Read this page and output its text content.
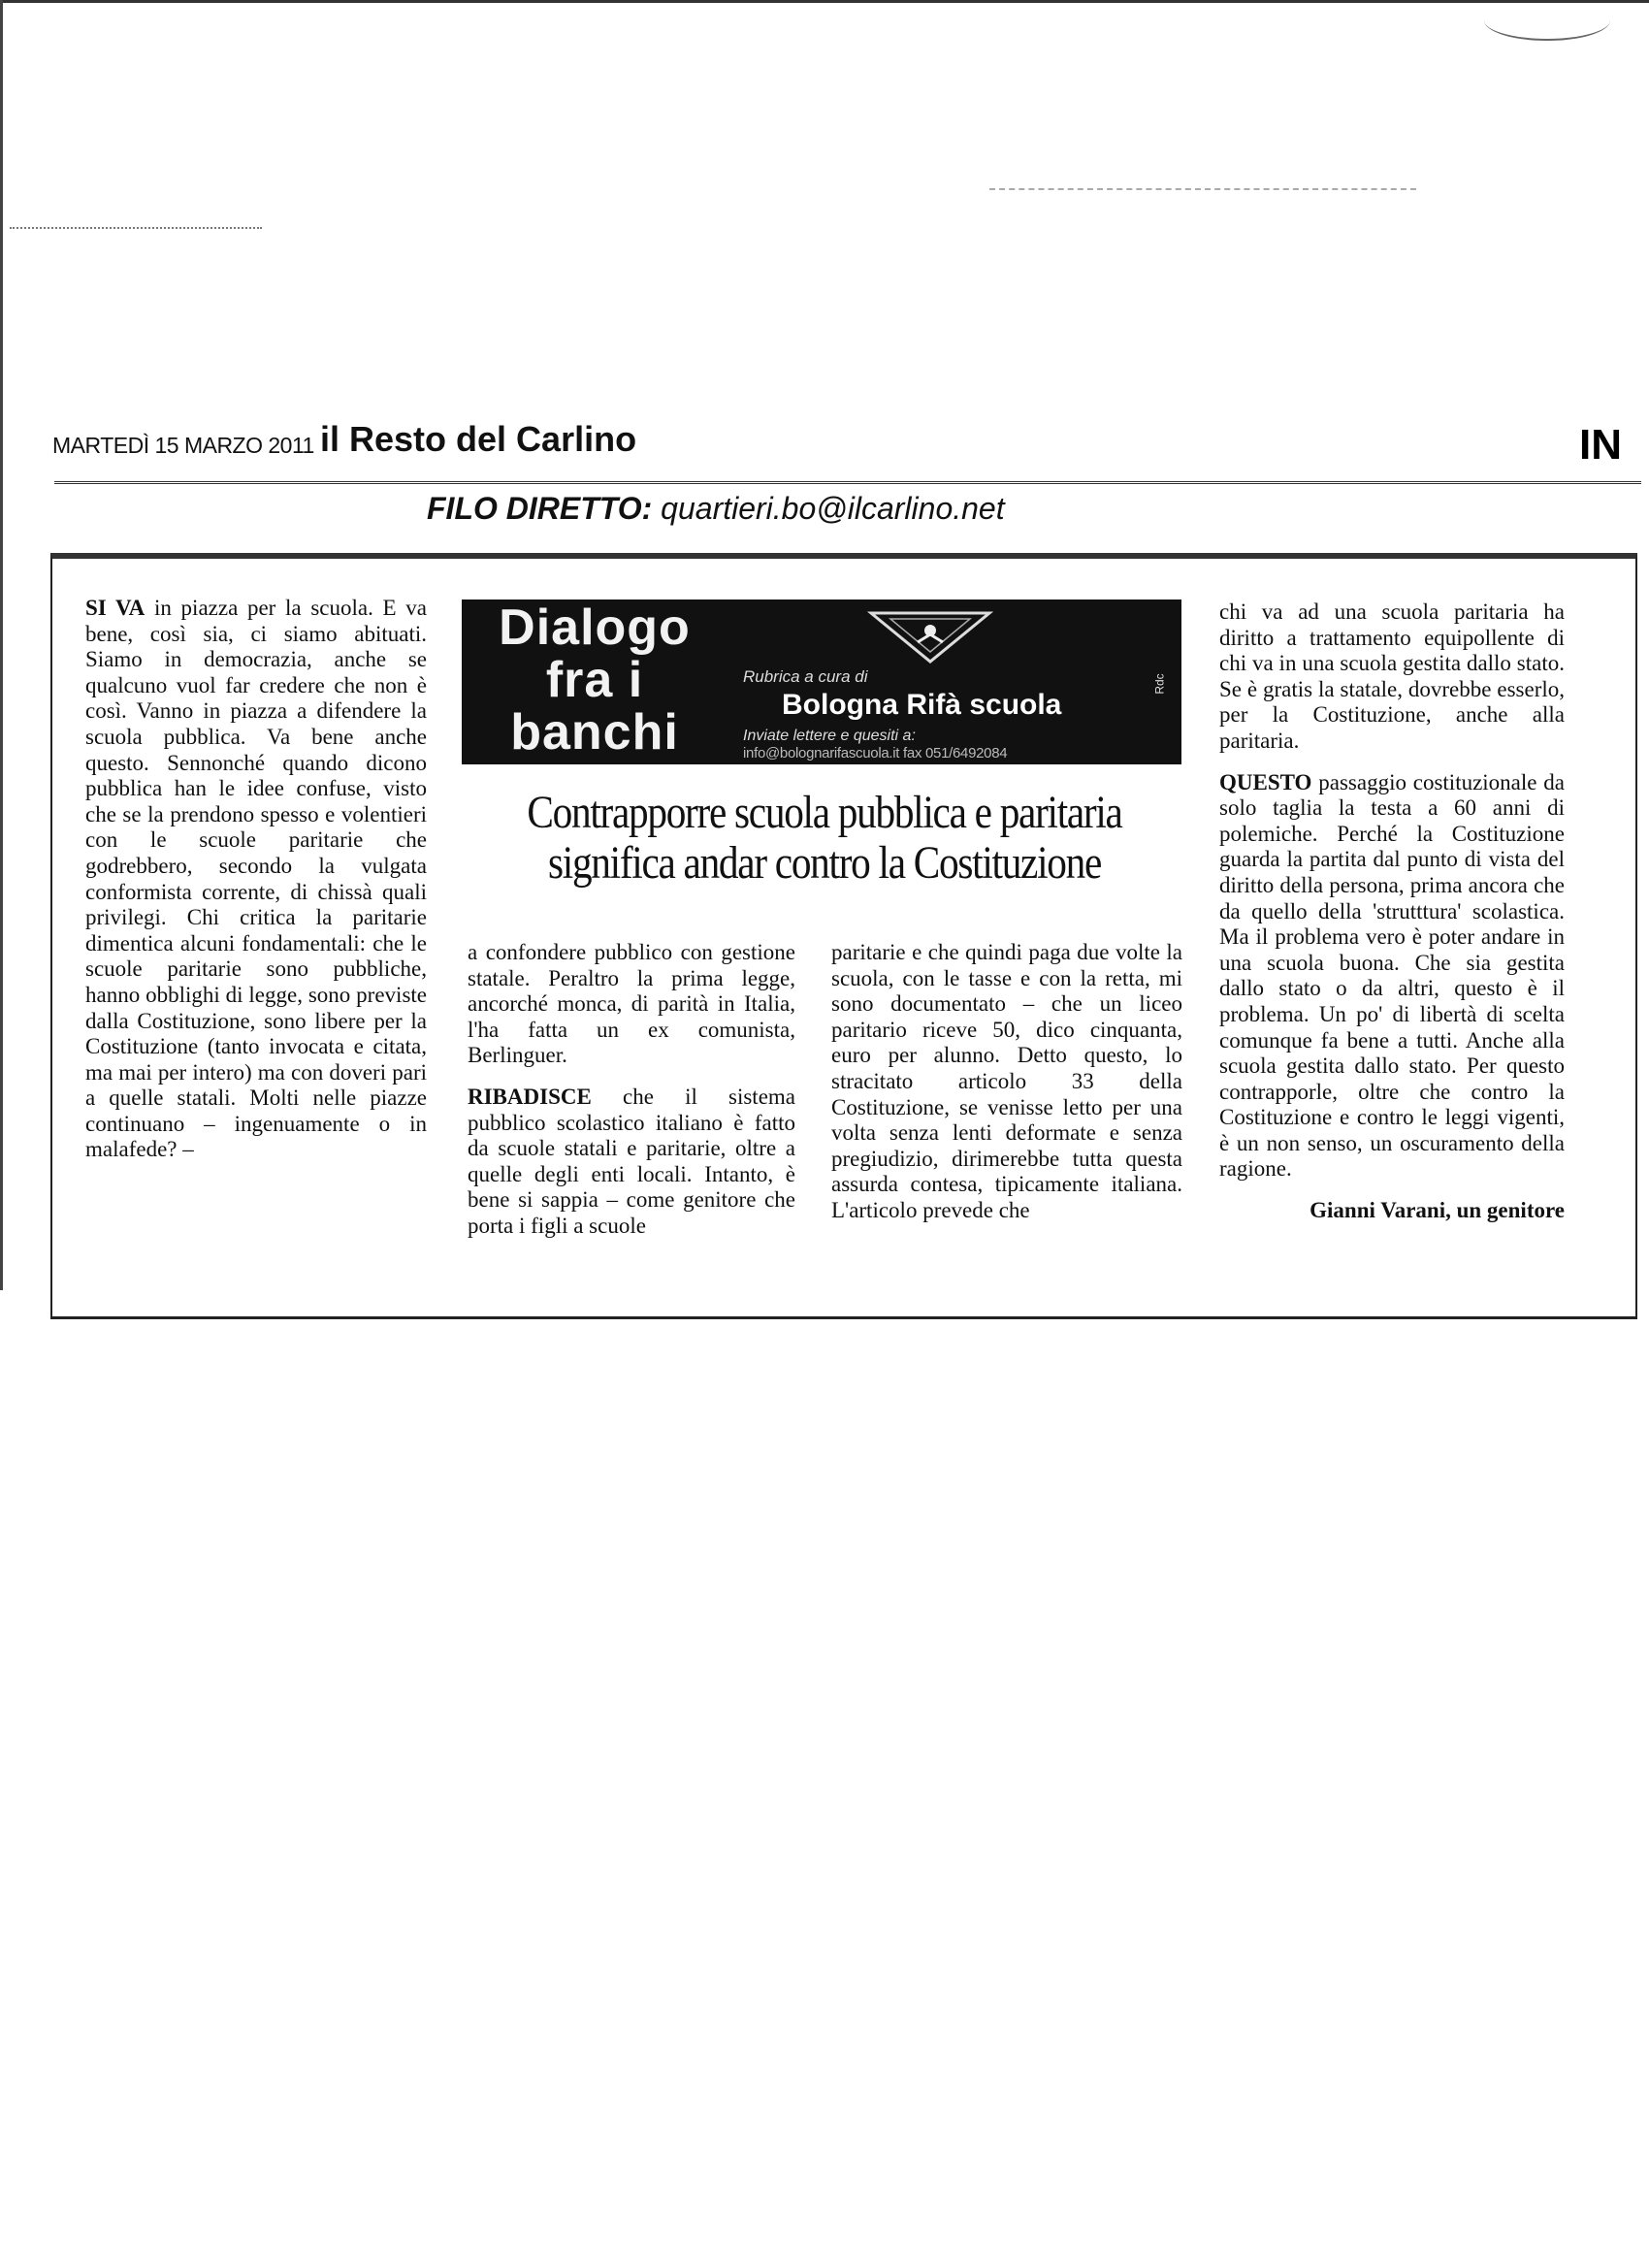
MARTEDÌ 15 MARZO 2011 il Resto del Carlino	IN
FILO DIRETTO: quartieri.bo@ilcarlino.net

SI VA in piazza per la scuola. E va bene, così sia, ci siamo abituati. Siamo in democrazia, anche se qualcuno vuol far credere che non è così. Vanno in piazza a difendere la scuola pubblica. Va bene anche questo. Sennonché quando dicono pubblica han le idee confuse, visto che se la prendono spesso e volentieri con le scuole paritarie che godrebbero, secondo la vulgata conformista corrente, di chissà quali privilegi. Chi critica la paritarie dimentica alcuni fondamentali: che le scuole paritarie sono pubbliche, hanno obblighi di legge, sono previste dalla Costituzione, sono libere per la Costituzione (tanto invocata e citata, ma mai per intero) ma con doveri pari a quelle statali. Molti nelle piazze continuano – ingenuamente o in malafede? –

Dialogo
fra i
banchi
Rubrica a cura di
Bologna Rifà scuola
Inviate lettere e quesiti a:
info@bolognarifascuola.it fax 051/6492084
Rdc
Contrapporre scuola pubblica e paritaria
significa andar contro la Costituzione

a confondere pubblico con gestione statale. Peraltro la prima legge, ancorché monca, di parità in Italia, l'ha fatta un ex comunista, Berlinguer.

RIBADISCE che il sistema pubblico scolastico italiano è fatto da scuole statali e paritarie, oltre a quelle degli enti locali. Intanto, è bene si sappia – come genitore che porta i figli a scuole

paritarie e che quindi paga due volte la scuola, con le tasse e con la retta, mi sono documentato – che un liceo paritario riceve 50, dico cinquanta, euro per alunno. Detto questo, lo stracitato articolo 33 della Costituzione, se venisse letto per una volta senza lenti deformate e senza pregiudizio, dirimerebbe tutta questa assurda contesa, tipicamente italiana. L'articolo prevede che

chi va ad una scuola paritaria ha diritto a trattamento equipollente di chi va in una scuola gestita dallo stato. Se è gratis la statale, dovrebbe esserlo, per la Costituzione, anche alla paritaria.

QUESTO passaggio costituzionale da solo taglia la testa a 60 anni di polemiche. Perché la Costituzione guarda la partita dal punto di vista del diritto della persona, prima ancora che da quello della 'strutttura' scolastica. Ma il problema vero è poter andare in una scuola buona. Che sia gestita dallo stato o da altri, questo è il problema. Un po' di libertà di scelta comunque fa bene a tutti. Anche alla scuola gestita dallo stato. Per questo contrapporle, oltre che contro la Costituzione e contro le leggi vigenti, è un non senso, un oscuramento della ragione.

Gianni Varani, un genitore
